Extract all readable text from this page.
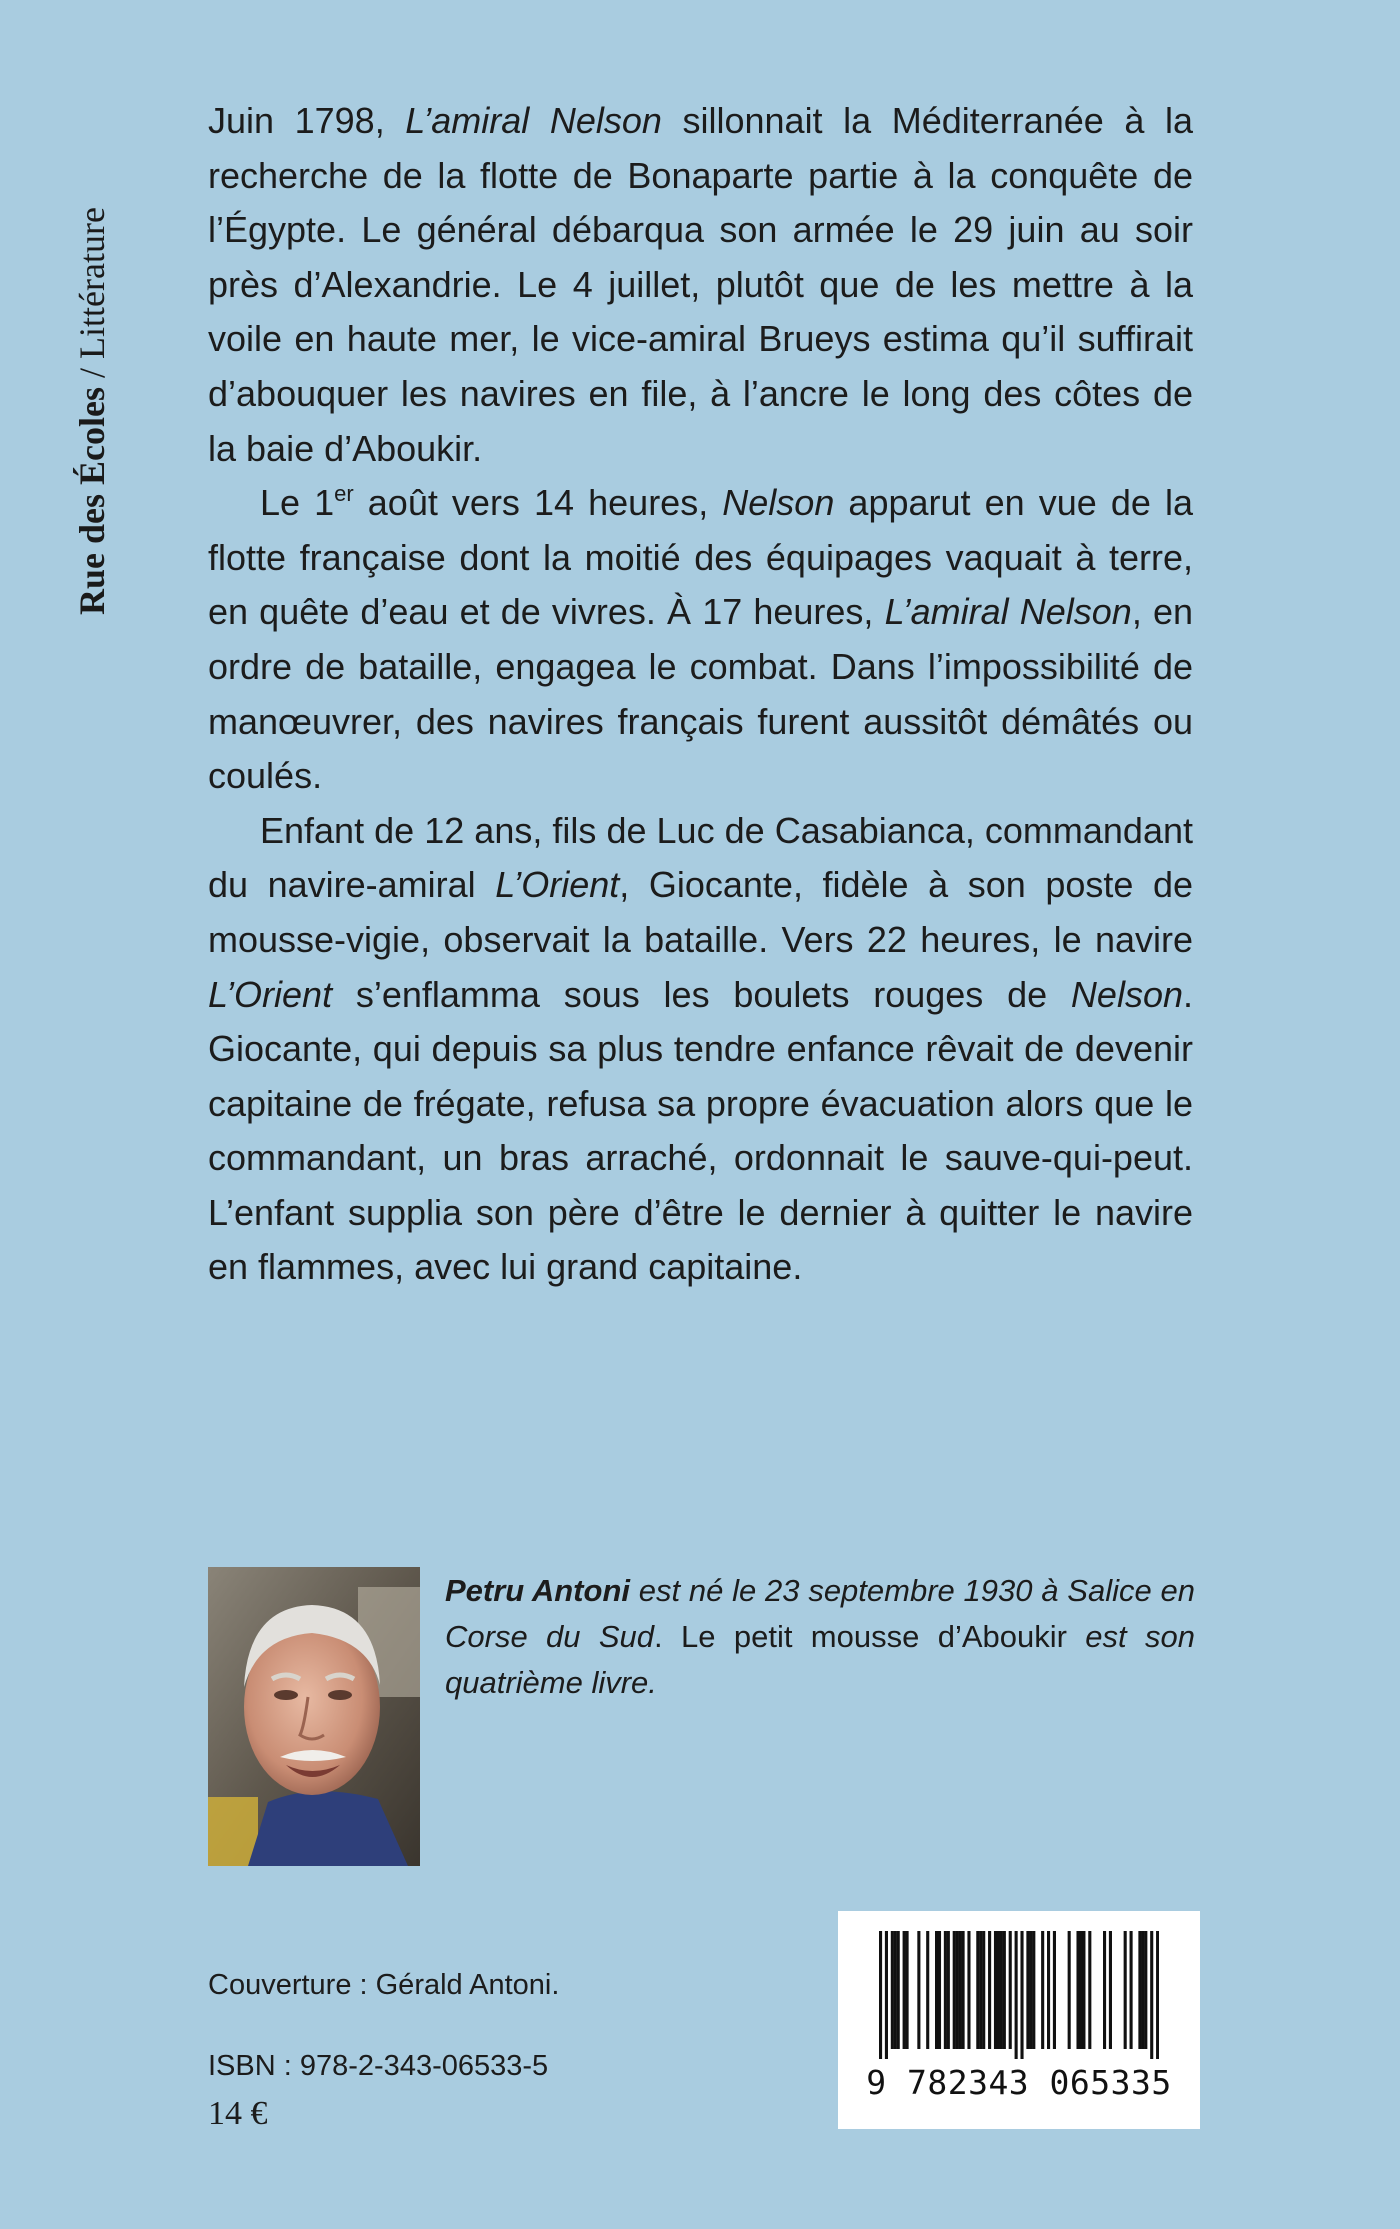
Rue des Écoles / Littérature

Juin 1798, L’amiral Nelson sillonnait la Méditerranée à la recherche de la flotte de Bonaparte partie à la conquête de l’Égypte. Le général débarqua son armée le 29 juin au soir près d’Alexandrie. Le 4 juillet, plutôt que de les mettre à la voile en haute mer, le vice-amiral Brueys estima qu’il suffirait d’abouquer les navires en file, à l’ancre le long des côtes de la baie d’Aboukir.

Le 1er août vers 14 heures, Nelson apparut en vue de la flotte française dont la moitié des équipages vaquait à terre, en quête d’eau et de vivres. À 17 heures, L’amiral Nelson, en ordre de bataille, engagea le combat. Dans l’impossibilité de manœuvrer, des navires français furent aussitôt démâtés ou coulés.

Enfant de 12 ans, fils de Luc de Casabianca, commandant du navire-amiral L’Orient, Giocante, fidèle à son poste de mousse-vigie, observait la bataille. Vers 22 heures, le navire L’Orient s’enflamma sous les boulets rouges de Nelson. Giocante, qui depuis sa plus tendre enfance rêvait de devenir capitaine de frégate, refusa sa propre évacuation alors que le commandant, un bras arraché, ordonnait le sauve-qui-peut. L’enfant supplia son père d’être le dernier à quitter le navire en flammes, avec lui grand capitaine.

Petru Antoni est né le 23 septembre 1930 à Salice en Corse du Sud. Le petit mousse d’Aboukir est son quatrième livre.
Couverture : Gérald Antoni.
ISBN : 978-2-343-06533-5
14 €
9 782343 065335
